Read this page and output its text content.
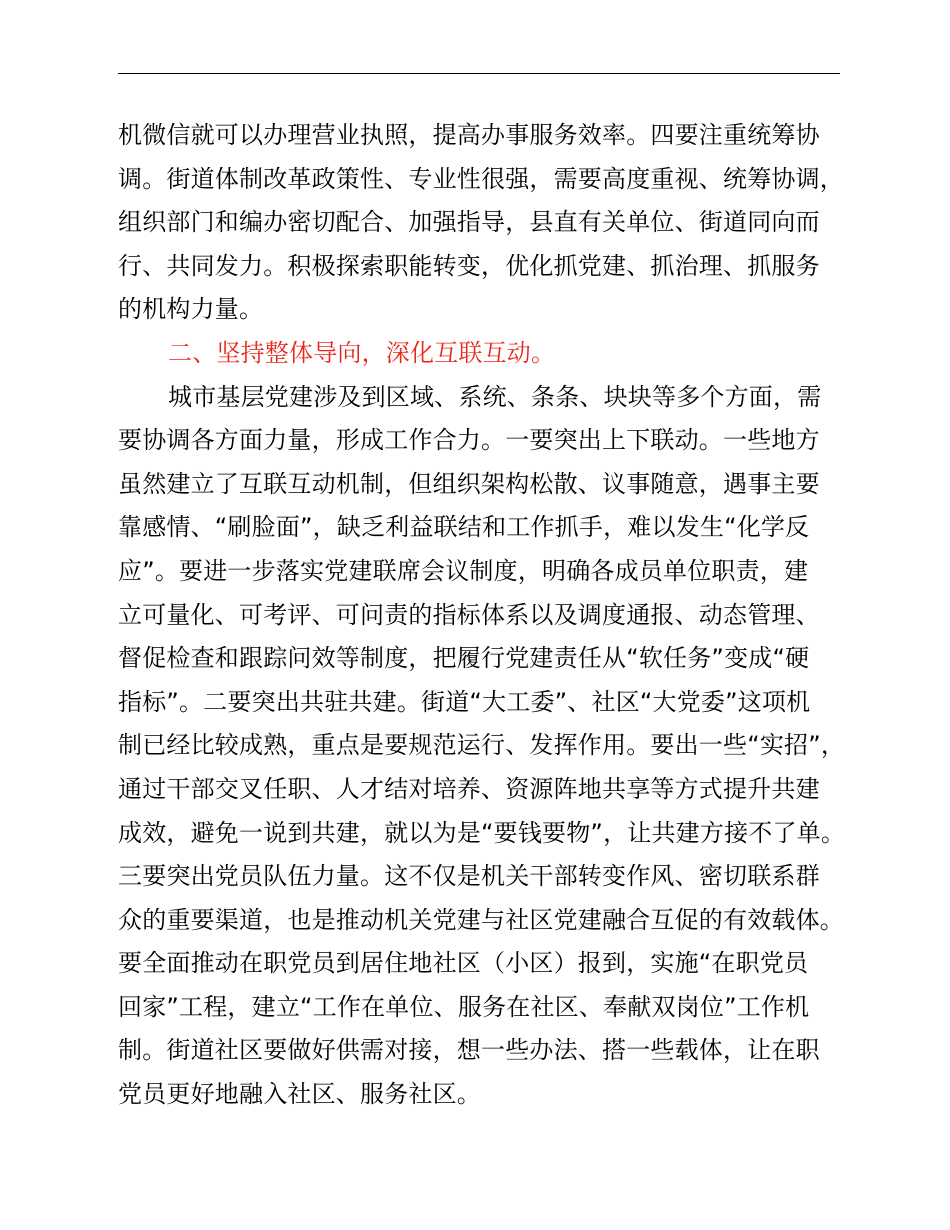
机微信就可以办理营业执照，提高办事服务效率。四要注重统筹协
调。街道体制改革政策性、专业性很强，需要高度重视、统筹协调，
组织部门和编办密切配合、加强指导，县直有关单位、街道同向而
行、共同发力。积极探索职能转变，优化抓党建、抓治理、抓服务
的机构力量。
二、坚持整体导向，深化互联互动。
城市基层党建涉及到区域、系统、条条、块块等多个方面，需
要协调各方面力量，形成工作合力。一要突出上下联动。一些地方
虽然建立了互联互动机制，但组织架构松散、议事随意，遇事主要
靠感情、“刷脸面”，缺乏利益联结和工作抓手，难以发生“化学反
应”。要进一步落实党建联席会议制度，明确各成员单位职责，建
立可量化、可考评、可问责的指标体系以及调度通报、动态管理、
督促检查和跟踪问效等制度，把履行党建责任从“软任务”变成“硬
指标”。二要突出共驻共建。街道“大工委”、社区“大党委”这项机
制已经比较成熟，重点是要规范运行、发挥作用。要出一些“实招”，
通过干部交叉任职、人才结对培养、资源阵地共享等方式提升共建
成效，避免一说到共建，就以为是“要钱要物”，让共建方接不了单。
三要突出党员队伍力量。这不仅是机关干部转变作风、密切联系群
众的重要渠道，也是推动机关党建与社区党建融合互促的有效载体。
要全面推动在职党员到居住地社区（小区）报到，实施“在职党员
回家”工程，建立“工作在单位、服务在社区、奉献双岗位”工作机
制。街道社区要做好供需对接，想一些办法、搭一些载体，让在职
党员更好地融入社区、服务社区。
